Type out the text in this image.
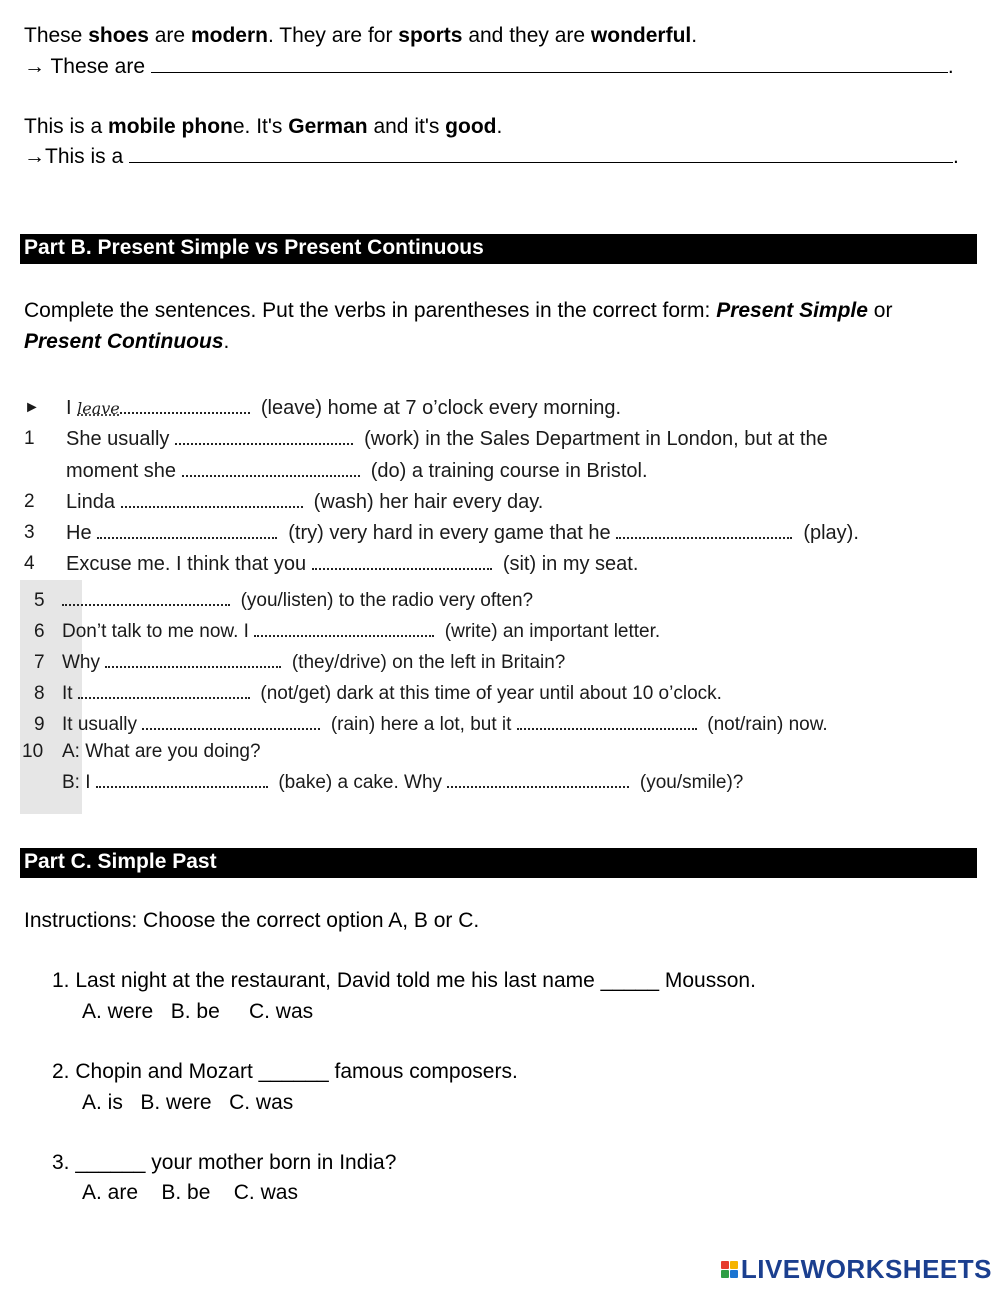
These shoes are modern. They are for sports and they are wonderful.
→ These are	.
This is a mobile phone. It's German and it's good.
→This is a	.
Part B. Present Simple vs Present Continuous
Complete the sentences. Put the verbs in parentheses in the correct form: Present Simple or
Present Continuous.
►	I leave	(leave) home at 7 o’clock every morning.
1	She usually	(work) in the Sales Department in London, but at the
moment she	(do) a training course in Bristol.
2	Linda	(wash) her hair every day.
3	He	(try) very hard in every game that he	(play).
4	Excuse me. I think that you	(sit) in my seat.
5	(you/listen) to the radio very often?
6 Don’t talk to me now. I	(write) an important letter.
7 Why	(they/drive) on the left in Britain?
8 It	(not/get) dark at this time of year until about 10 o’clock.
9 It usually	(rain) here a lot, but it	(not/rain) now.
10 A: What are you doing?
B: I	(bake) a cake. Why	(you/smile)?
Part C. Simple Past
Instructions: Choose the correct option A, B or C.
1. Last night at the restaurant, David told me his last name _____ Mousson.
A. were B. be C. was
2. Chopin and Mozart ______ famous composers.
A. is B. were C. was
3. ______ your mother born in India?
A. are B. be C. was
LIVEWORKSHEETS
